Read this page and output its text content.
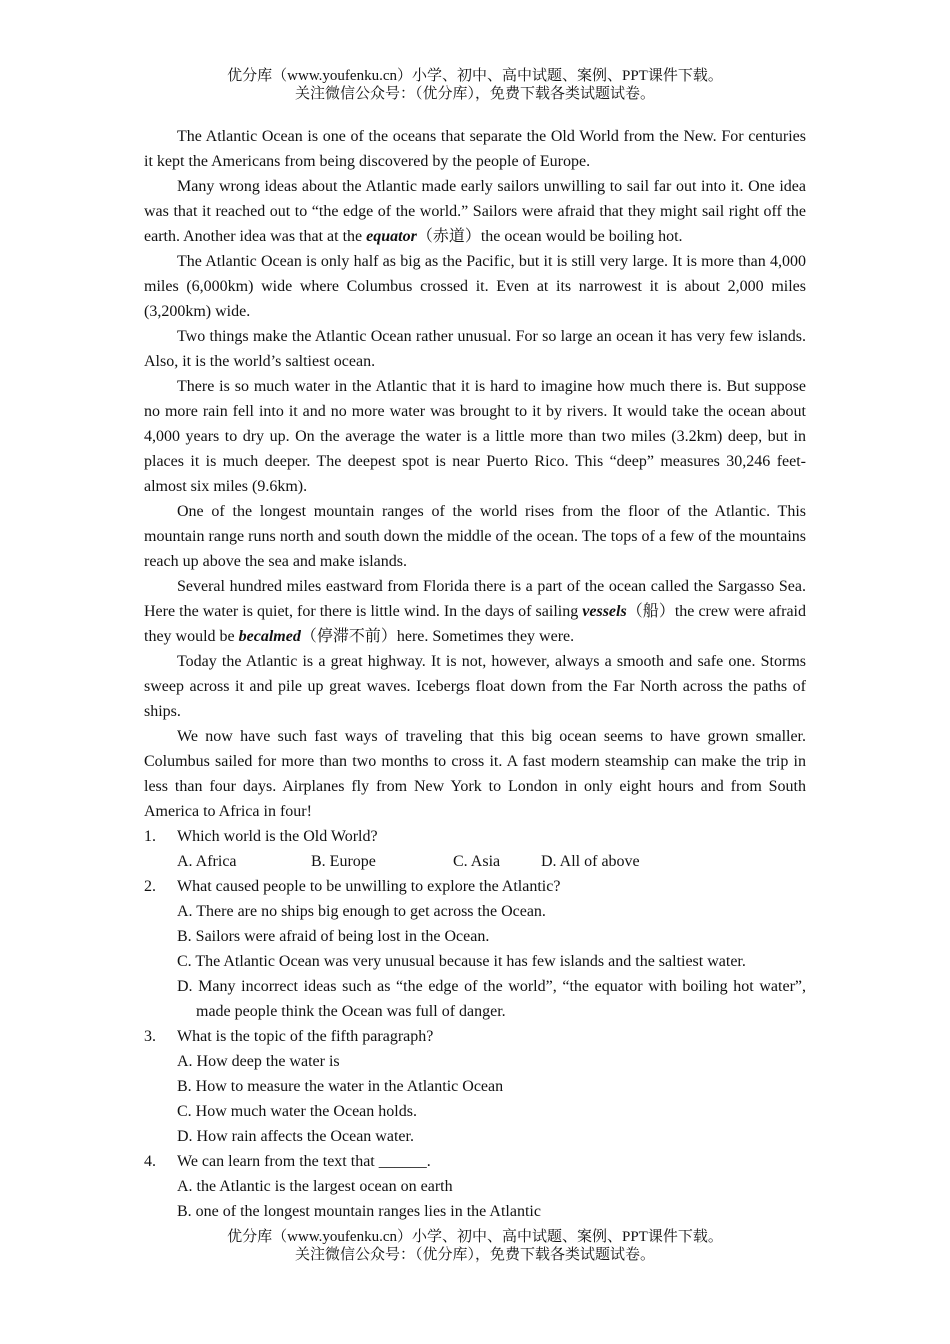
优分库（www.youfenku.cn）小学、初中、高中试题、案例、PPT课件下载。
关注微信公众号：（优分库），免费下载各类试题试卷。

The Atlantic Ocean is one of the oceans that separate the Old World from the New. For centuries it kept the Americans from being discovered by the people of Europe.

Many wrong ideas about the Atlantic made early sailors unwilling to sail far out into it. One idea was that it reached out to “the edge of the world.” Sailors were afraid that they might sail right off the earth. Another idea was that at the equator（赤道）the ocean would be boiling hot.

The Atlantic Ocean is only half as big as the Pacific, but it is still very large. It is more than 4,000 miles (6,000km) wide where Columbus crossed it. Even at its narrowest it is about 2,000 miles (3,200km) wide.

Two things make the Atlantic Ocean rather unusual. For so large an ocean it has very few islands. Also, it is the world’s saltiest ocean.

There is so much water in the Atlantic that it is hard to imagine how much there is. But suppose no more rain fell into it and no more water was brought to it by rivers. It would take the ocean about 4,000 years to dry up. On the average the water is a little more than two miles (3.2km) deep, but in places it is much deeper. The deepest spot is near Puerto Rico. This “deep” measures 30,246 feet-almost six miles (9.6km).

One of the longest mountain ranges of the world rises from the floor of the Atlantic. This mountain range runs north and south down the middle of the ocean. The tops of a few of the mountains reach up above the sea and make islands.

Several hundred miles eastward from Florida there is a part of the ocean called the Sargasso Sea. Here the water is quiet, for there is little wind. In the days of sailing vessels（船）the crew were afraid they would be becalmed（停滞不前）here. Sometimes they were.

Today the Atlantic is a great highway. It is not, however, always a smooth and safe one. Storms sweep across it and pile up great waves. Icebergs float down from the Far North across the paths of ships.

We now have such fast ways of traveling that this big ocean seems to have grown smaller. Columbus sailed for more than two months to cross it. A fast modern steamship can make the trip in less than four days. Airplanes fly from New York to London in only eight hours and from South America to Africa in four!

1. Which world is the Old World?

A. Africa	B. Europe	C. Asia	D. All of above

2. What caused people to be unwilling to explore the Atlantic?

A. There are no ships big enough to get across the Ocean.

B. Sailors were afraid of being lost in the Ocean.

C. The Atlantic Ocean was very unusual because it has few islands and the saltiest water.

D. Many incorrect ideas such as “the edge of the world”, “the equator with boiling hot water”, made people think the Ocean was full of danger.

3. What is the topic of the fifth paragraph?

A. How deep the water is

B. How to measure the water in the Atlantic Ocean

C. How much water the Ocean holds.

D. How rain affects the Ocean water.

4. We can learn from the text that ______.

A. the Atlantic is the largest ocean on earth

B. one of the longest mountain ranges lies in the Atlantic

优分库（www.youfenku.cn）小学、初中、高中试题、案例、PPT课件下载。
关注微信公众号：（优分库），免费下载各类试题试卷。
